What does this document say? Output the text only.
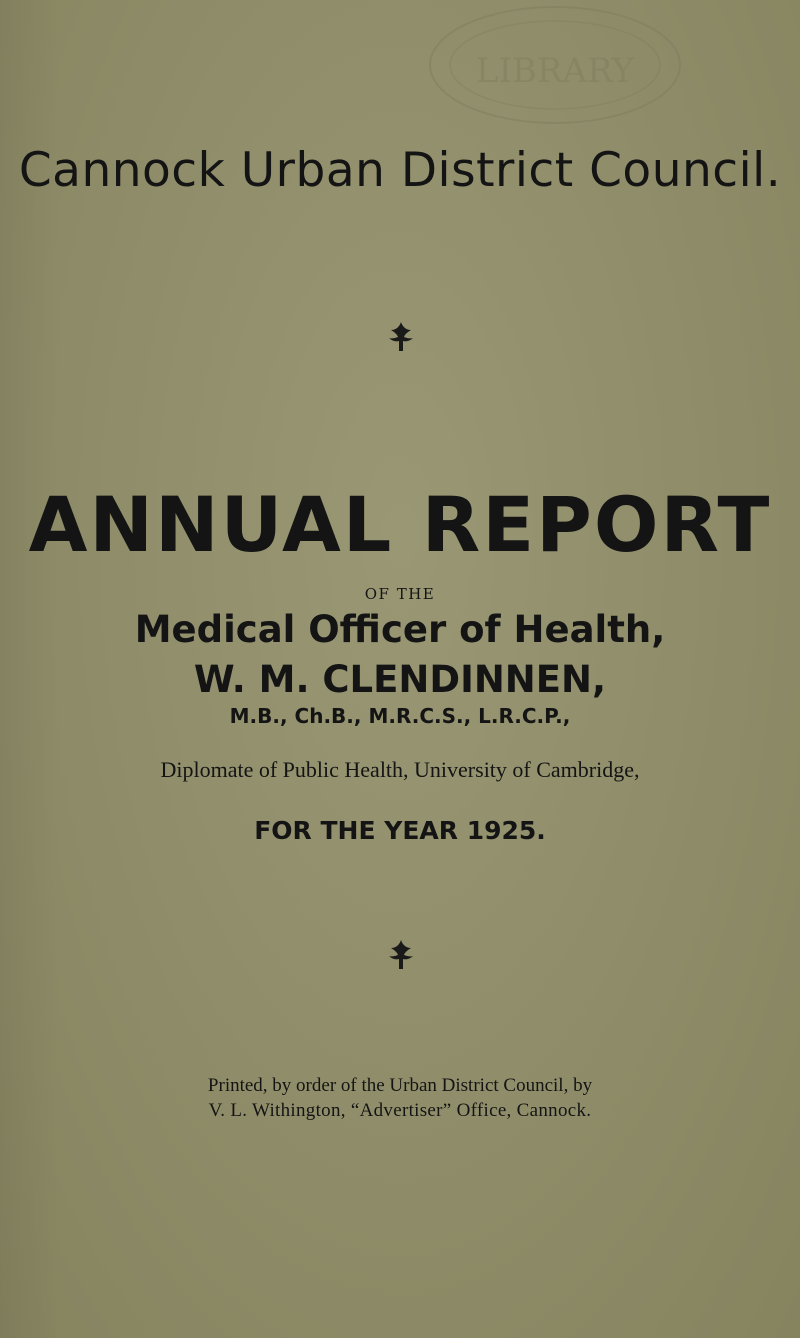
LIBRARY
Cannock Urban District Council.
ANNUAL REPORT
OF THE
Medical Officer of Health,
W. M. CLENDINNEN,
M.B., Ch.B., M.R.C.S., L.R.C.P.,
Diplomate of Public Health, University of Cambridge,
FOR THE YEAR 1925.
Printed, by order of the Urban District Council, by
V. L. Withington, “Advertiser” Office, Cannock.
